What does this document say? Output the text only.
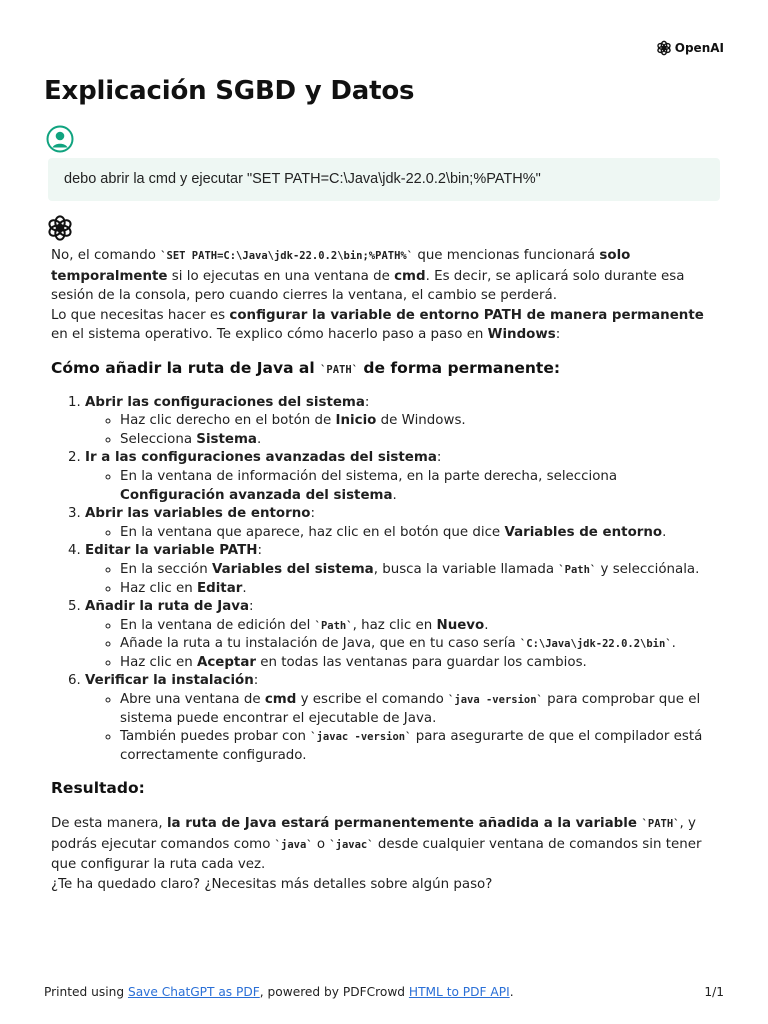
OpenAI
Explicación SGBD y Datos
debo abrir la cmd y ejecutar "SET PATH=C:\Java\jdk-22.0.2\bin;%PATH%"

No, el comando `SET PATH=C:\Java\jdk-22.0.2\bin;%PATH%` que mencionas funcionará solo temporalmente si lo ejecutas en una ventana de cmd. Es decir, se aplicará solo durante esa sesión de la consola, pero cuando cierres la ventana, el cambio se perderá.
Lo que necesitas hacer es configurar la variable de entorno PATH de manera permanente en el sistema operativo. Te explico cómo hacerlo paso a paso en Windows:

Cómo añadir la ruta de Java al `PATH` de forma permanente:
1. Abrir las configuraciones del sistema:
◦ Haz clic derecho en el botón de Inicio de Windows.
◦ Selecciona Sistema.
2. Ir a las configuraciones avanzadas del sistema:
◦ En la ventana de información del sistema, en la parte derecha, selecciona Configuración avanzada del sistema.
3. Abrir las variables de entorno:
◦ En la ventana que aparece, haz clic en el botón que dice Variables de entorno.
4. Editar la variable PATH:
◦ En la sección Variables del sistema, busca la variable llamada `Path` y selecciónala.
◦ Haz clic en Editar.
5. Añadir la ruta de Java:
◦ En la ventana de edición del `Path`, haz clic en Nuevo.
◦ Añade la ruta a tu instalación de Java, que en tu caso sería `C:\Java\jdk-22.0.2\bin`.
◦ Haz clic en Aceptar en todas las ventanas para guardar los cambios.
6. Verificar la instalación:
◦ Abre una ventana de cmd y escribe el comando `java -version` para comprobar que el sistema puede encontrar el ejecutable de Java.
◦ También puedes probar con `javac -version` para asegurarte de que el compilador está correctamente configurado.
Resultado:

De esta manera, la ruta de Java estará permanentemente añadida a la variable `PATH`, y podrás ejecutar comandos como `java` o `javac` desde cualquier ventana de comandos sin tener que configurar la ruta cada vez.
¿Te ha quedado claro? ¿Necesitas más detalles sobre algún paso?

Printed using Save ChatGPT as PDF, powered by PDFCrowd HTML to PDF API.	1/1
